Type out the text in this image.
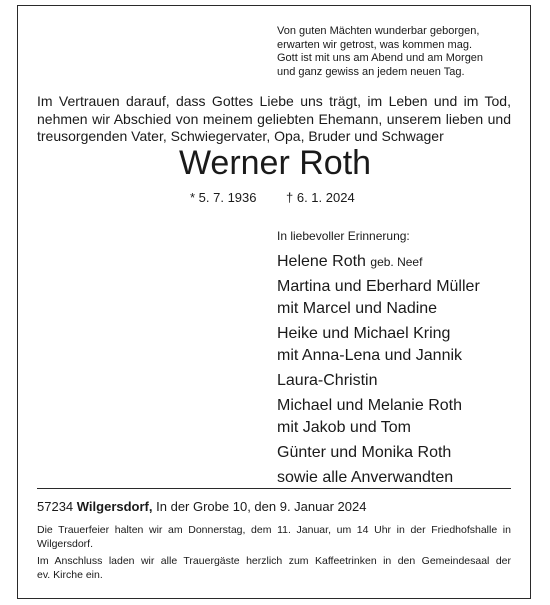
Von guten Mächten wunderbar geborgen,
erwarten wir getrost, was kommen mag.
Gott ist mit uns am Abend und am Morgen
und ganz gewiss an jedem neuen Tag.
Im Vertrauen darauf, dass Gottes Liebe uns trägt, im Leben und im Tod,
nehmen wir Abschied von meinem geliebten Ehemann, unserem lieben und
treusorgenden Vater, Schwiegervater, Opa, Bruder und Schwager
Werner Roth
* 5. 7. 1936 † 6. 1. 2024
In liebevoller Erinnerung:
Helene Roth geb. Neef
Martina und Eberhard Müller
mit Marcel und Nadine
Heike und Michael Kring
mit Anna-Lena und Jannik
Laura-Christin
Michael und Melanie Roth
mit Jakob und Tom
Günter und Monika Roth
sowie alle Anverwandten
57234 Wilgersdorf, In der Grobe 10, den 9. Januar 2024
Die Trauerfeier halten wir am Donnerstag, dem 11. Januar, um 14 Uhr in der Friedhofshalle in
Wilgersdorf.
Im Anschluss laden wir alle Trauergäste herzlich zum Kaffeetrinken in den Gemeindesaal der
ev. Kirche ein.
